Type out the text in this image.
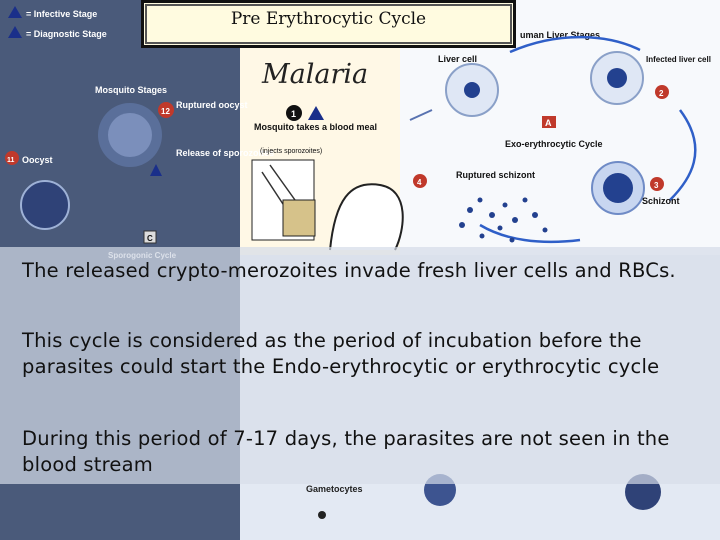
= Infective Stage
= Diagnostic Stage
Malaria
Mosquito Stages
12
Ruptured oocyst
Release of sporozoites
11 Oocyst
C
1
Mosquito takes a blood meal
(injects sporozoites)
uman Liver Stages
Liver cell	Infected liver cell
2
A
Exo-erythrocytic Cycle
3
Schizont
4
Ruptured schizont
Gametocytes
Pre Erythrocytic Cycle
The released crypto-merozoites invade fresh liver cells and RBCs.
This cycle is considered as the period of incubation before the parasites could start the Endo-erythrocytic or erythrocytic cycle
During this period of 7-17 days, the parasites are not seen in the blood stream
